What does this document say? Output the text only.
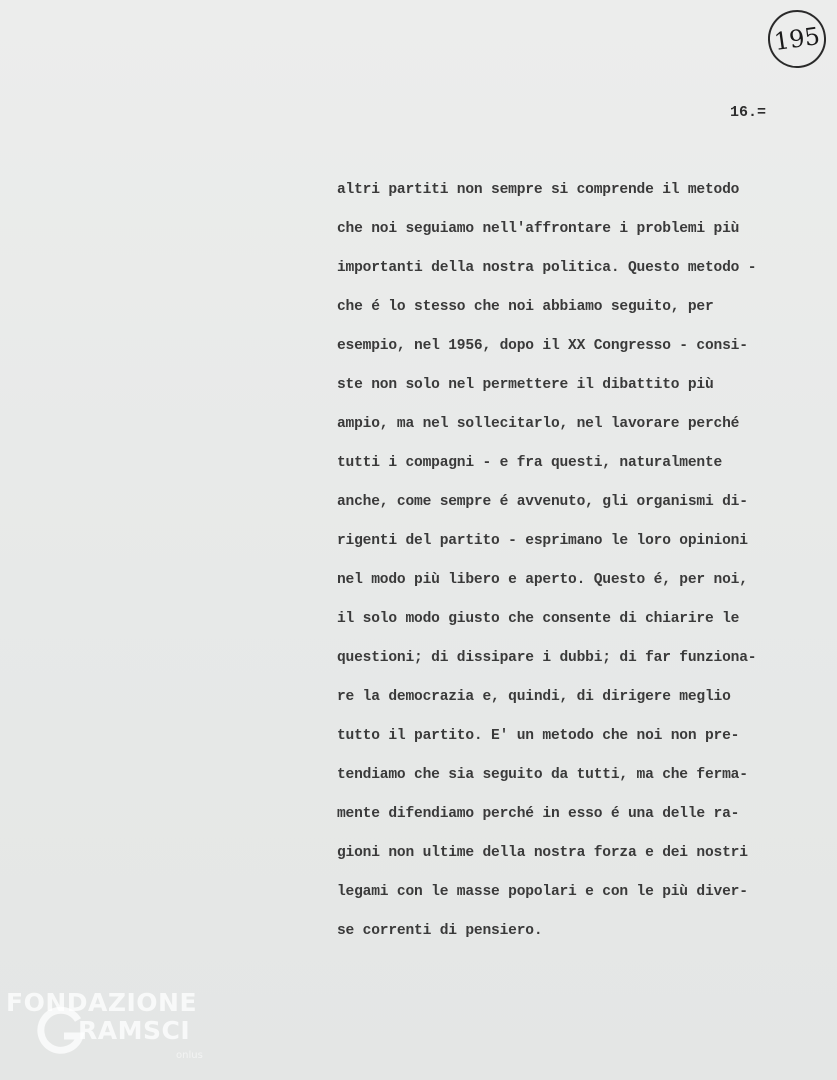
195
16.=

altri partiti non sempre si comprende il metodo
che noi seguiamo nell'affrontare i problemi più
importanti della nostra politica. Questo metodo -
che é lo stesso che noi abbiamo seguito, per
esempio, nel 1956, dopo il XX Congresso - consi-
ste non solo nel permettere il dibattito più
ampio, ma nel sollecitarlo, nel lavorare perché
tutti i compagni - e fra questi, naturalmente
anche, come sempre é avvenuto, gli organismi di-
rigenti del partito - esprimano le loro opinioni
nel modo più libero e aperto. Questo é, per noi,
il solo modo giusto che consente di chiarire le
questioni; di dissipare i dubbi; di far funziona-
re la democrazia e, quindi, di dirigere meglio
tutto il partito. E' un metodo che noi non pre-
tendiamo che sia seguito da tutti, ma che ferma-
mente difendiamo perché in esso é una delle ra-
gioni non ultime della nostra forza e dei nostri
legami con le masse popolari e con le più diver-
se correnti di pensiero.
FONDAZIONE
RAMSCI
onlus
